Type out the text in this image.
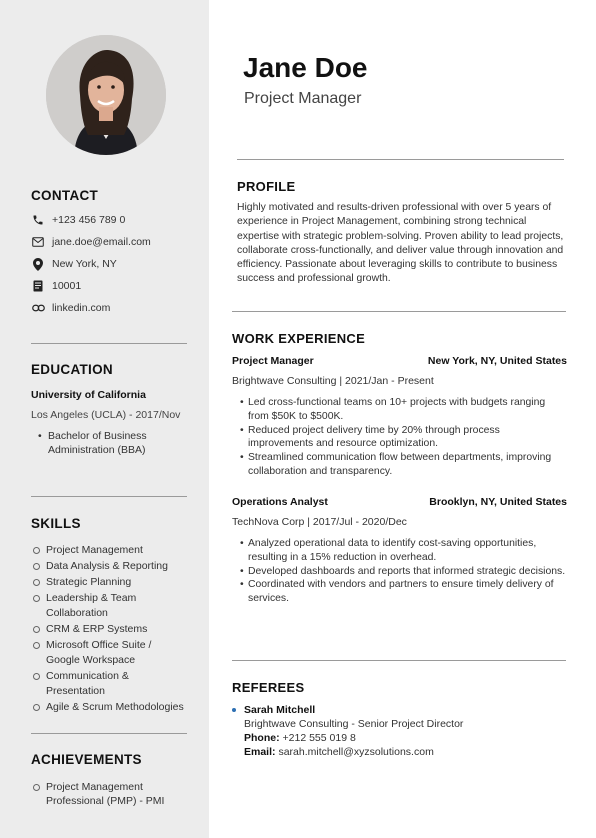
CONTACT
+123 456 789 0
jane.doe@email.com
New York, NY
10001
linkedin.com
EDUCATION
University of California
Los Angeles (UCLA) - 2017/Nov
• Bachelor of Business Administration (BBA)
SKILLS
Project Management
Data Analysis & Reporting
Strategic Planning
Leadership & Team Collaboration
CRM & ERP Systems
Microsoft Office Suite / Google Workspace
Communication & Presentation
Agile & Scrum Methodologies
ACHIEVEMENTS
Project Management Professional (PMP) - PMI
Jane Doe
Project Manager
PROFILE

Highly motivated and results-driven professional with over 5 years of experience in Project Management, combining strong technical expertise with strategic problem-solving. Proven ability to lead projects, collaborate cross-functionally, and deliver value through innovation and efficiency. Passionate about leveraging skills to contribute to business success and professional growth.

WORK EXPERIENCE
Project Manager	New York, NY, United States
Brightwave Consulting | 2021/Jan - Present
• Led cross-functional teams on 10+ projects with budgets ranging from $50K to $500K.
• Reduced project delivery time by 20% through process improvements and resource optimization.
• Streamlined communication flow between departments, improving collaboration and transparency.
Operations Analyst	Brooklyn, NY, United States
TechNova Corp | 2017/Jul - 2020/Dec
• Analyzed operational data to identify cost-saving opportunities, resulting in a 15% reduction in overhead.
• Developed dashboards and reports that informed strategic decisions.
• Coordinated with vendors and partners to ensure timely delivery of services.
REFEREES
Sarah Mitchell
Brightwave Consulting - Senior Project Director
Phone: +212 555 019 8
Email: sarah.mitchell@xyzsolutions.com
